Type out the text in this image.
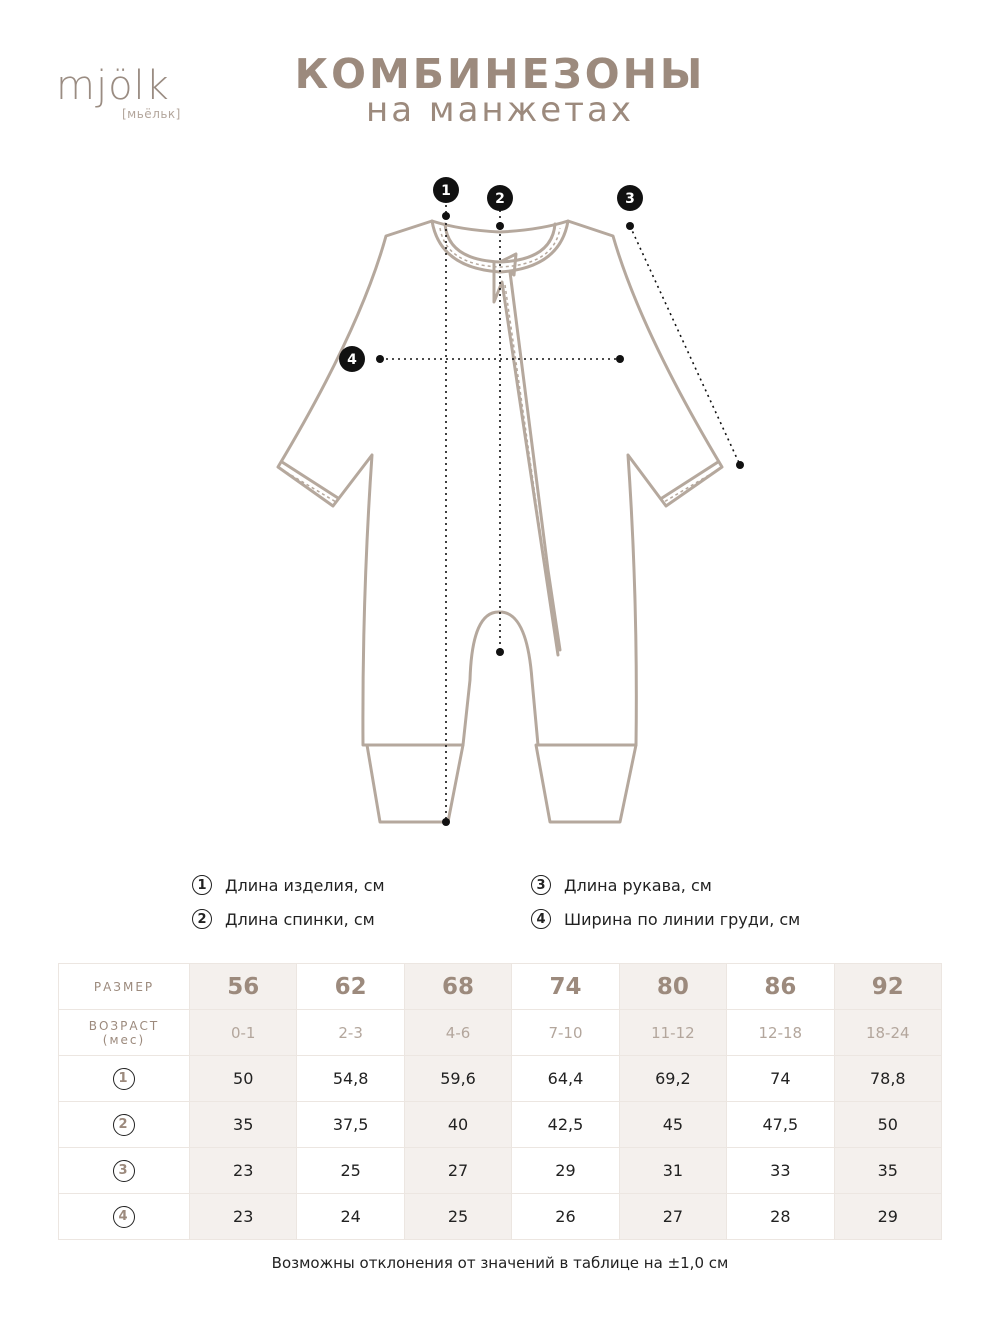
mjölk
[мьёльк]
КОМБИНЕЗОНЫ
на манжетах
1	2	3
4
1	Длина изделия, см
2	Длина спинки, см
3	Длина рукава, см
4	Ширина по линии груди, см
РАЗМЕР	56	62	68	74	80	86	92

ВОЗРАСТ
(мес)	0-1	2-3	4-6	7-10	11-12	12-18	18-24
1	50	54,8	59,6	64,4	69,2	74	78,8
2	35	37,5	40	42,5	45	47,5	50
3	23	25	27	29	31	33	35
4	23	24	25	26	27	28	29
Возможны отклонения от значений в таблице на ±1,0 см
